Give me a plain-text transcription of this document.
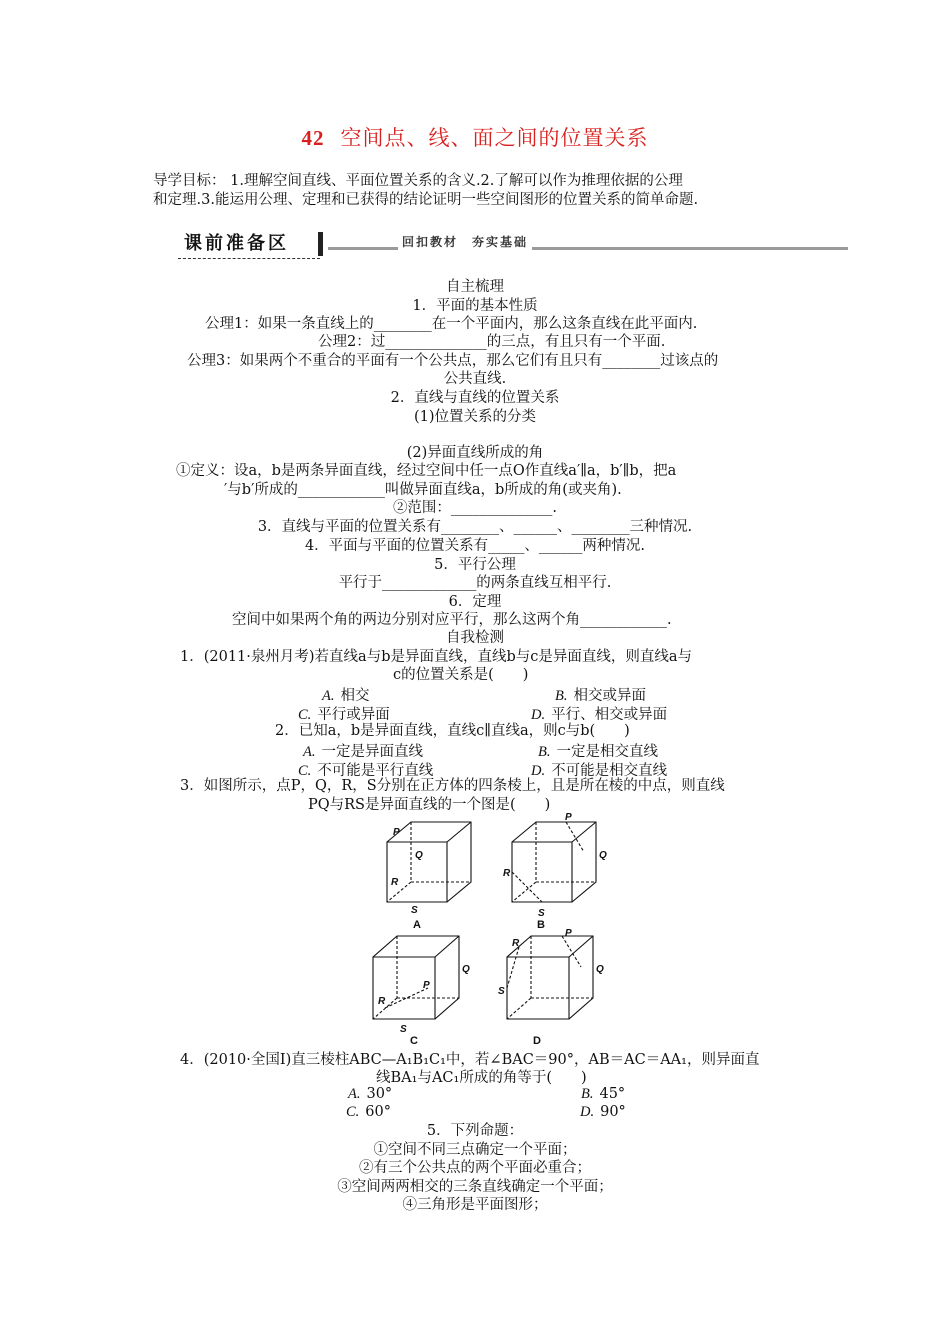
42 空间点、线、面之间的位置关系
导学目标： 1.理解空间直线、平面位置关系的含义.2.了解可以作为推理依据的公理
和定理.3.能运用公理、定理和已获得的结论证明一些空间图形的位置关系的简单命题.
课前准备区	回扣教材　夯实基础
自主梳理
1．平面的基本性质
公理1：如果一条直线上的________在一个平面内，那么这条直线在此平面内.
公理2：过______________的三点，有且只有一个平面.
公理3：如果两个不重合的平面有一个公共点，那么它们有且只有________过该点的
公共直线.
2．直线与直线的位置关系
(1)位置关系的分类
(2)异面直线所成的角
①定义：设a，b是两条异面直线，经过空间中任一点O作直线a′∥a，b′∥b，把a
′与b′所成的____________叫做异面直线a，b所成的角(或夹角).
②范围：______________.
3．直线与平面的位置关系有________、______、________三种情况.
4．平面与平面的位置关系有_____、______两种情况.
5．平行公理
平行于_____________的两条直线互相平行.
6．定理
空间中如果两个角的两边分别对应平行，那么这两个角____________.
自我检测
1．(2011·泉州月考)若直线a与b是异面直线，直线b与c是异面直线，则直线a与
c的位置关系是(　　)
A. 相交	B. 相交或异面
C. 平行或异面	D. 平行、相交或异面
2．已知a，b是异面直线，直线c∥直线a，则c与b(　　)
A. 一定是异面直线	B. 一定是相交直线
C. 不可能是平行直线	D. 不可能是相交直线
3．如图所示，点P，Q，R，S分别在正方体的四条棱上，且是所在棱的中点，则直线
PQ与RS是异面直线的一个图是(　　)
P
Q
R
S
A
P
Q
R
S
B
R
P
Q
S
C
R
P
Q
S
D
4．(2010·全国Ⅰ)直三棱柱ABC—A₁B₁C₁中，若∠BAC＝90°，AB＝AC＝AA₁，则异面直
线BA₁与AC₁所成的角等于(　　)
A. 30°	B. 45°
C. 60°	D. 90°
5．下列命题：
①空间不同三点确定一个平面；
②有三个公共点的两个平面必重合；
③空间两两相交的三条直线确定一个平面；
④三角形是平面图形；
